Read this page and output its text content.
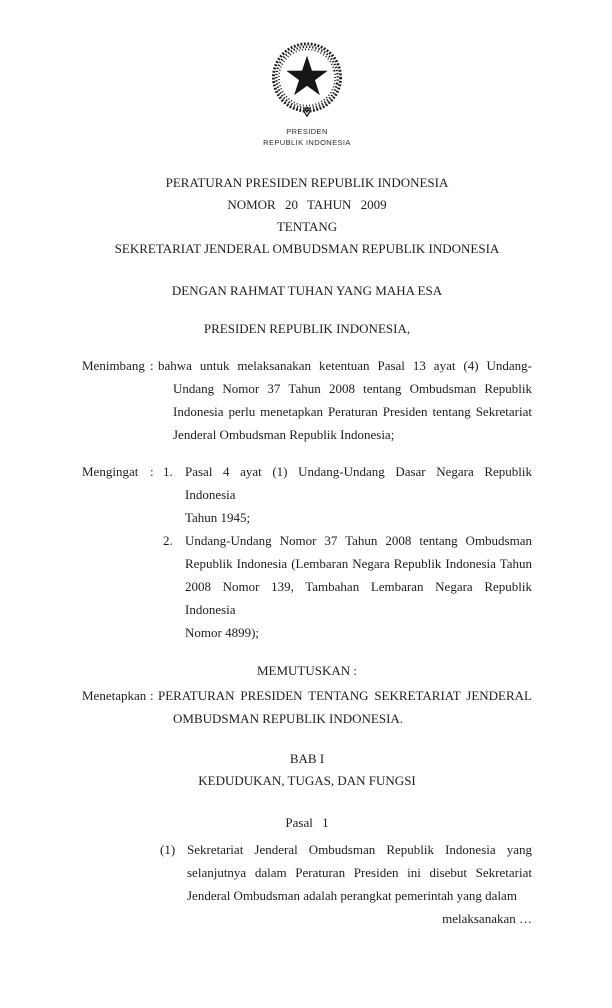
PRESIDEN
REPUBLIK INDONESIA
PERATURAN PRESIDEN REPUBLIK INDONESIA
NOMOR 20 TAHUN 2009
TENTANG
SEKRETARIAT JENDERAL OMBUDSMAN REPUBLIK INDONESIA
DENGAN RAHMAT TUHAN YANG MAHA ESA
PRESIDEN REPUBLIK INDONESIA,
Menimbang : bahwa untuk melaksanakan ketentuan Pasal 13 ayat (4) Undang-
Undang Nomor 37 Tahun 2008 tentang Ombudsman Republik
Indonesia perlu menetapkan Peraturan Presiden tentang Sekretariat
Jenderal Ombudsman Republik Indonesia;
Mengingat : 1. Pasal 4 ayat (1) Undang-Undang Dasar Negara Republik Indonesia
Tahun 1945;
2. Undang-Undang Nomor 37 Tahun 2008 tentang Ombudsman
Republik Indonesia (Lembaran Negara Republik Indonesia Tahun
2008 Nomor 139, Tambahan Lembaran Negara Republik Indonesia
Nomor 4899);
MEMUTUSKAN :
Menetapkan : PERATURAN PRESIDEN TENTANG SEKRETARIAT JENDERAL
OMBUDSMAN REPUBLIK INDONESIA.
BAB I
KEDUDUKAN, TUGAS, DAN FUNGSI
Pasal 1
(1) Sekretariat Jenderal Ombudsman Republik Indonesia yang
selanjutnya dalam Peraturan Presiden ini disebut Sekretariat
Jenderal Ombudsman adalah perangkat pemerintah yang dalam
melaksanakan …
